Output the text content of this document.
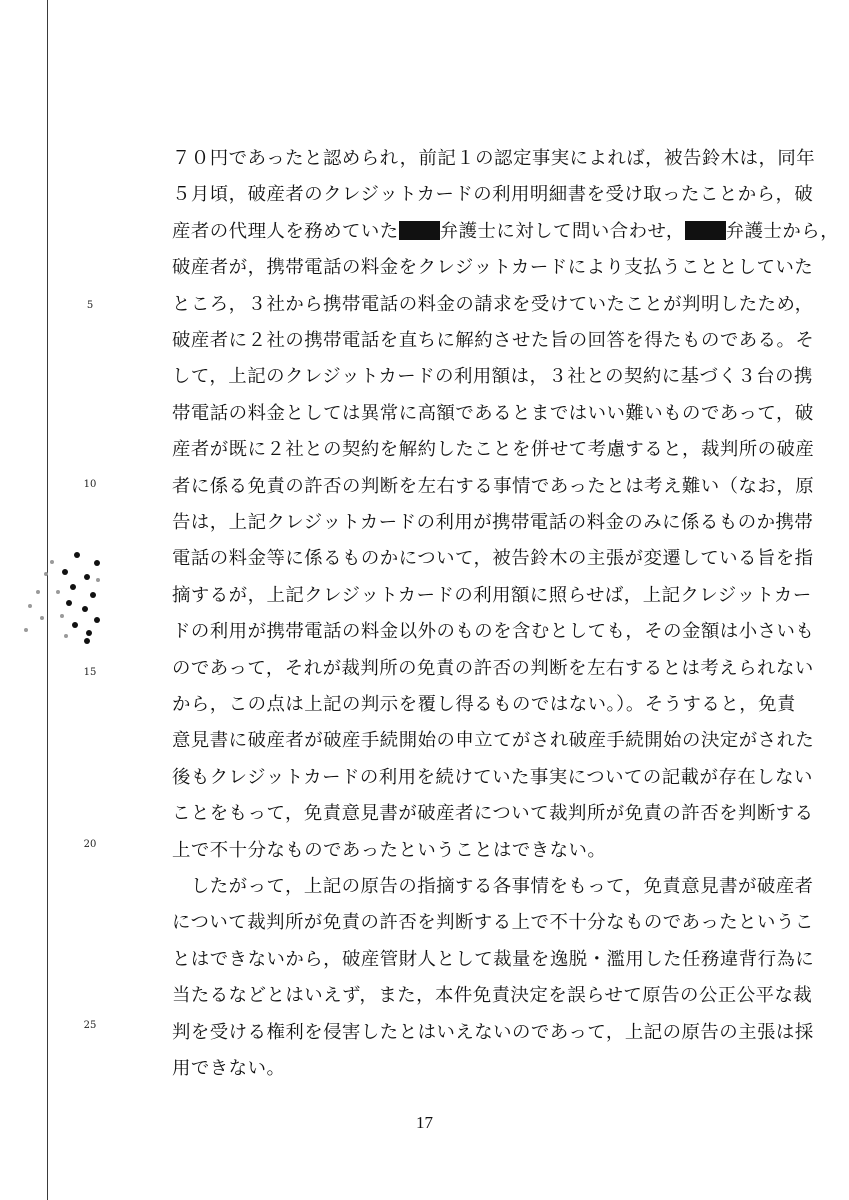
5
10
15
20
25
７０円であったと認められ，前記１の認定事実によれば，被告鈴木は，同年
５月頃，破産者のクレジットカードの利用明細書を受け取ったことから，破
産者の代理人を務めていた 弁護士に対して問い合わせ， 弁護士から，
破産者が，携帯電話の料金をクレジットカードにより支払うこととしていた
ところ，３社から携帯電話の料金の請求を受けていたことが判明したため，
破産者に２社の携帯電話を直ちに解約させた旨の回答を得たものである。そ
して，上記のクレジットカードの利用額は，３社との契約に基づく３台の携
帯電話の料金としては異常に高額であるとまではいい難いものであって，破
産者が既に２社との契約を解約したことを併せて考慮すると，裁判所の破産
者に係る免責の許否の判断を左右する事情であったとは考え難い（なお，原
告は，上記クレジットカードの利用が携帯電話の料金のみに係るものか携帯
電話の料金等に係るものかについて，被告鈴木の主張が変遷している旨を指
摘するが，上記クレジットカードの利用額に照らせば，上記クレジットカー
ドの利用が携帯電話の料金以外のものを含むとしても，その金額は小さいも
のであって，それが裁判所の免責の許否の判断を左右するとは考えられない
から，この点は上記の判示を覆し得るものではない。）。そうすると，免責
意見書に破産者が破産手続開始の申立てがされ破産手続開始の決定がされた
後もクレジットカードの利用を続けていた事実についての記載が存在しない
ことをもって，免責意見書が破産者について裁判所が免責の許否を判断する
上で不十分なものであったということはできない。
　したがって，上記の原告の指摘する各事情をもって，免責意見書が破産者
について裁判所が免責の許否を判断する上で不十分なものであったというこ
とはできないから，破産管財人として裁量を逸脱・濫用した任務違背行為に
当たるなどとはいえず，また，本件免責決定を誤らせて原告の公正公平な裁
判を受ける権利を侵害したとはいえないのであって，上記の原告の主張は採
用できない。
17
